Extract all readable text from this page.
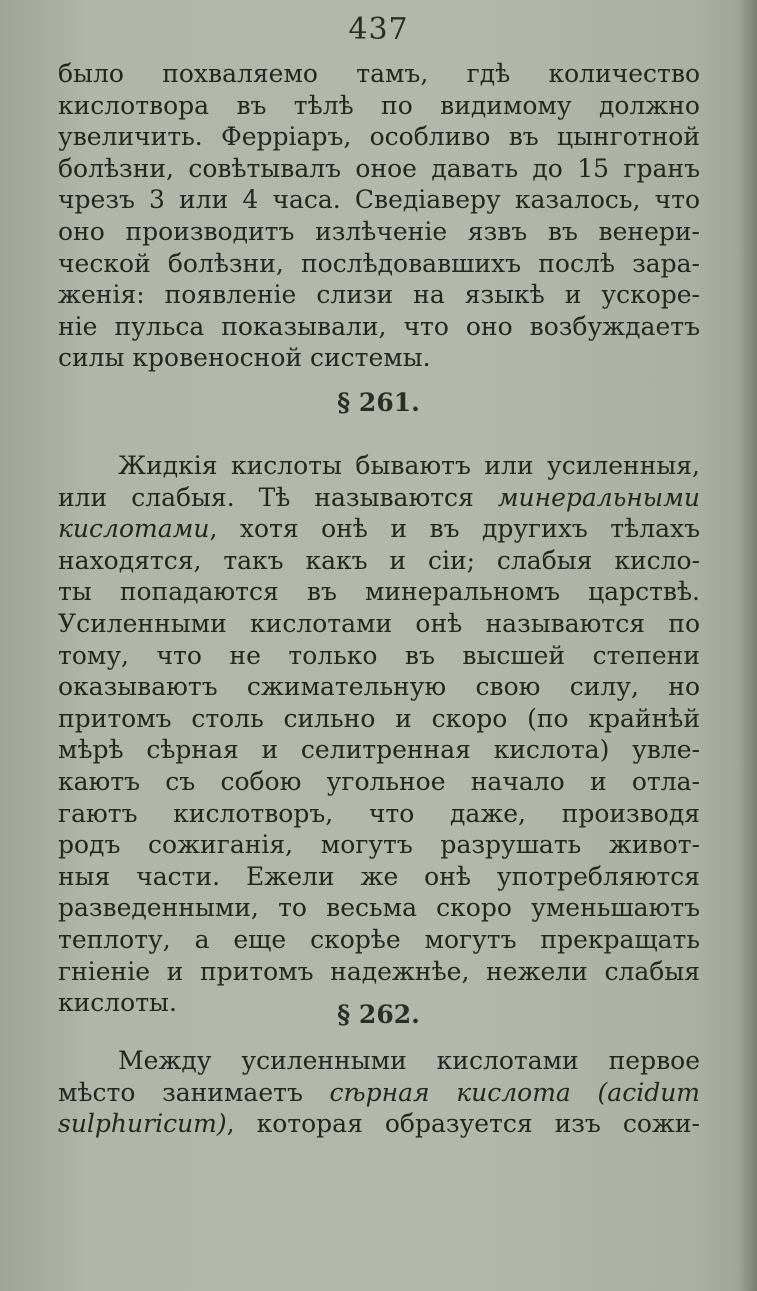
437
было похваляемо тамъ, гдѣ количество
кислотвора въ тѣлѣ по видимому должно
увеличить. Ферріаръ, особливо въ цынготной
болѣзни, совѣтывалъ оное давать до 15 гранъ
чрезъ 3 или 4 часа. Сведіаверу казалось, что
оно производитъ излѣченіе язвъ въ венери-
ческой болѣзни, послѣдовавшихъ послѣ зара-
женія: появленіе слизи на языкѣ и ускоре-
ніе пульса показывали, что оно возбуждаетъ
силы кровеносной системы.
§ 261.
Жидкія кислоты бываютъ или усиленныя,
или слабыя. Тѣ называются минеральными
кислотами, хотя онѣ и въ другихъ тѣлахъ
находятся, такъ какъ и сіи; слабыя кисло-
ты попадаются въ минеральномъ царствѣ.
Усиленными кислотами онѣ называются по
тому, что не только въ высшей степени
оказываютъ сжимательную свою силу, но
притомъ столь сильно и скоро (по крайнѣй
мѣрѣ сѣрная и селитренная кислота) увле-
каютъ съ собою угольное начало и отла-
гаютъ кислотворъ, что даже, производя
родъ сожиганія, могутъ разрушать живот-
ныя части. Ежели же онѣ употребляются
разведенными, то весьма скоро уменьшаютъ
теплоту, а еще скорѣе могутъ прекращать
гніеніе и притомъ надежнѣе, нежели слабыя
кислоты.	§ 262.
Между усиленными кислотами первое
мѣсто занимаетъ сѣрная кислота (acidum
sulphuricum), которая образуется изъ сожи-
